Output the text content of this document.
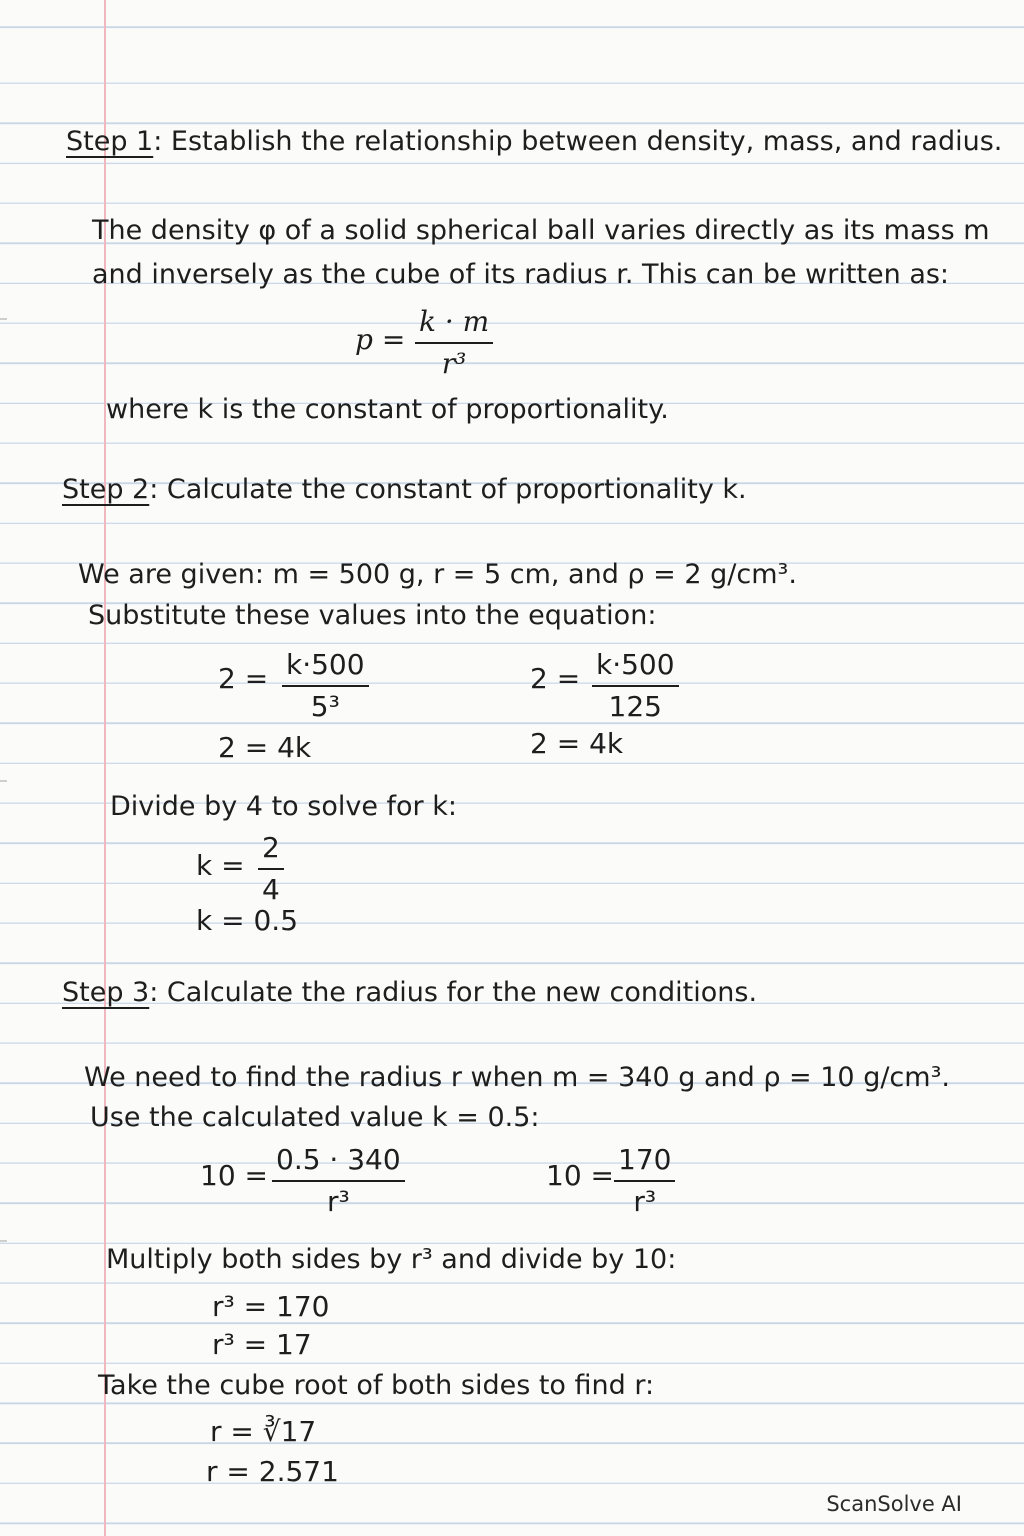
Step 1: Establish the relationship between density, mass, and radius.
The density φ of a solid spherical ball varies directly as its mass m
and inversely as the cube of its radius r. This can be written as:
$p = \frac{k \cdot m}{\text{r³}}$
where k is the constant of proportionality.
Step 2: Calculate the constant of proportionality k.
We are given: m = 500 g, r = 5 cm, and ρ = 2 g/cm³.
Substitute these values into the equation:
$2 = \frac{k\cdot 500}{\text{5³}}$	$2 = \frac{k\cdot 500}{125}$
2 = 4k	2 = 4k
Divide by 4 to solve for k:
$k = \frac{2}{4}$
k = 0.5
Step 3: Calculate the radius for the new conditions.
We need to find the radius r when m = 340 g and ρ = 10 g/cm³.
Use the calculated value k = 0.5:
$10 = \frac{0.5 \cdot 340}{\text{r³}}$	$10 = \frac{170}{\text{r³}}$
Multiply both sides by r³ and divide by 10:
r³ = 170
r³ = 17
Take the cube root of both sides to find r:
r = ∛17
r = 2.571
ScanSolve AI
